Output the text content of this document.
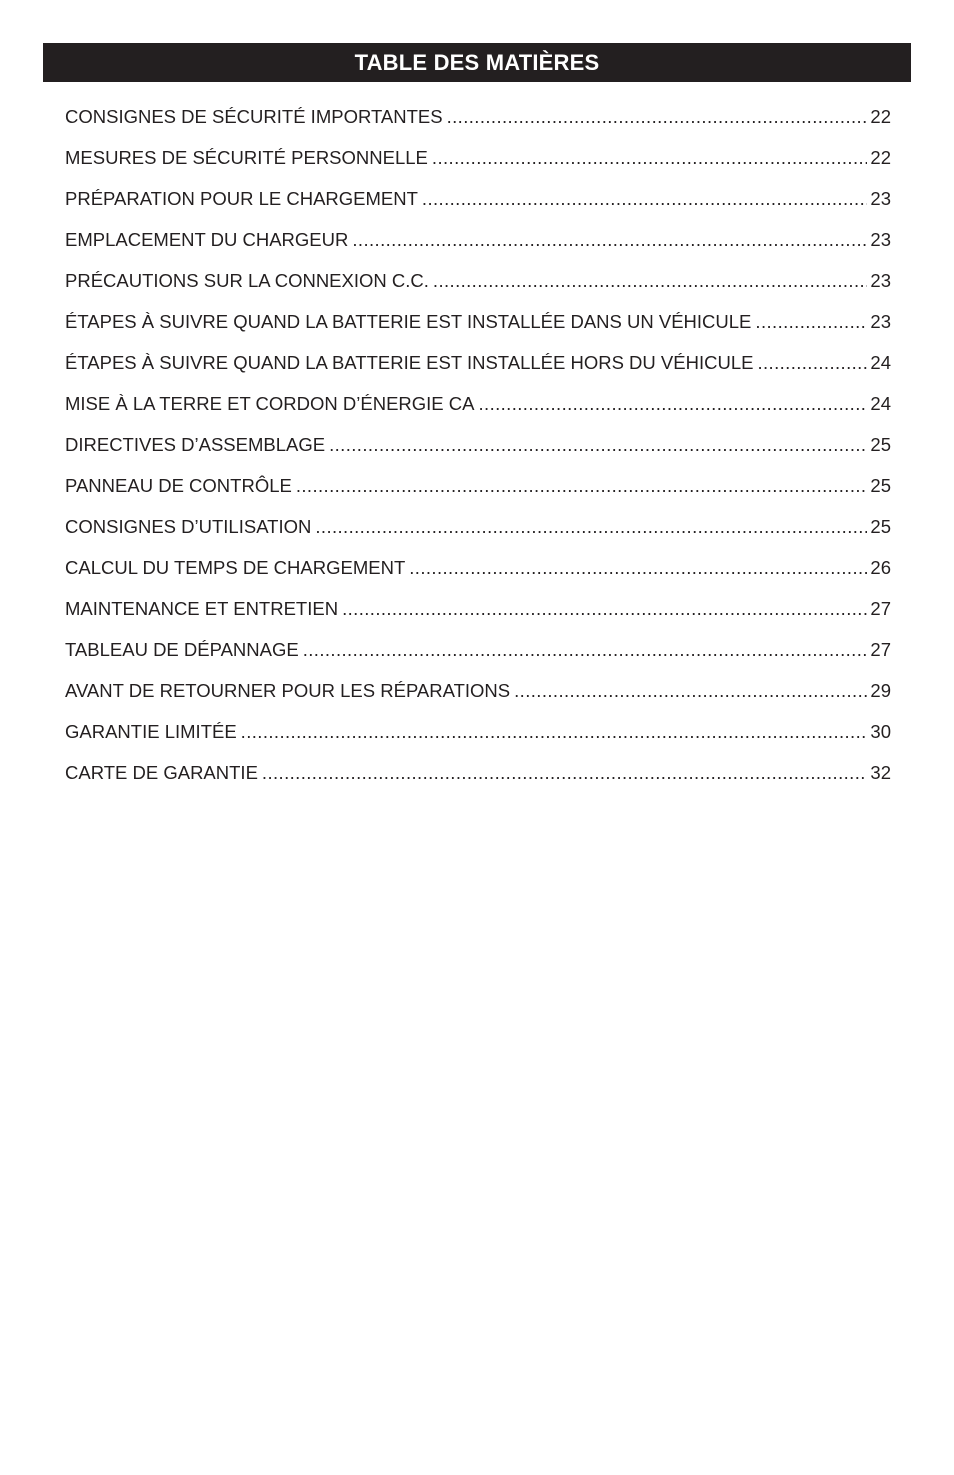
TABLE DES MATIÈRES
CONSIGNES DE SÉCURITÉ IMPORTANTES .....	22
MESURES DE SÉCURITÉ PERSONNELLE .....	22
PRÉPARATION POUR LE CHARGEMENT .....	23
EMPLACEMENT DU CHARGEUR .....	23
PRÉCAUTIONS SUR LA CONNEXION C.C. .....	23
ÉTAPES À SUIVRE QUAND LA BATTERIE EST INSTALLÉE DANS UN VÉHICULE .....	23
ÉTAPES À SUIVRE QUAND LA BATTERIE EST INSTALLÉE HORS DU VÉHICULE .....	24
MISE À LA TERRE ET CORDON D’ÉNERGIE CA .....	24
DIRECTIVES D’ASSEMBLAGE .....	25
PANNEAU DE CONTRÔLE .....	25
CONSIGNES D’UTILISATION .....	25
CALCUL DU TEMPS DE CHARGEMENT .....	26
MAINTENANCE ET ENTRETIEN .....	27
TABLEAU DE DÉPANNAGE .....	27
AVANT DE RETOURNER POUR LES RÉPARATIONS .....	29
GARANTIE LIMITÉE .....	30
CARTE DE GARANTIE .....	32
